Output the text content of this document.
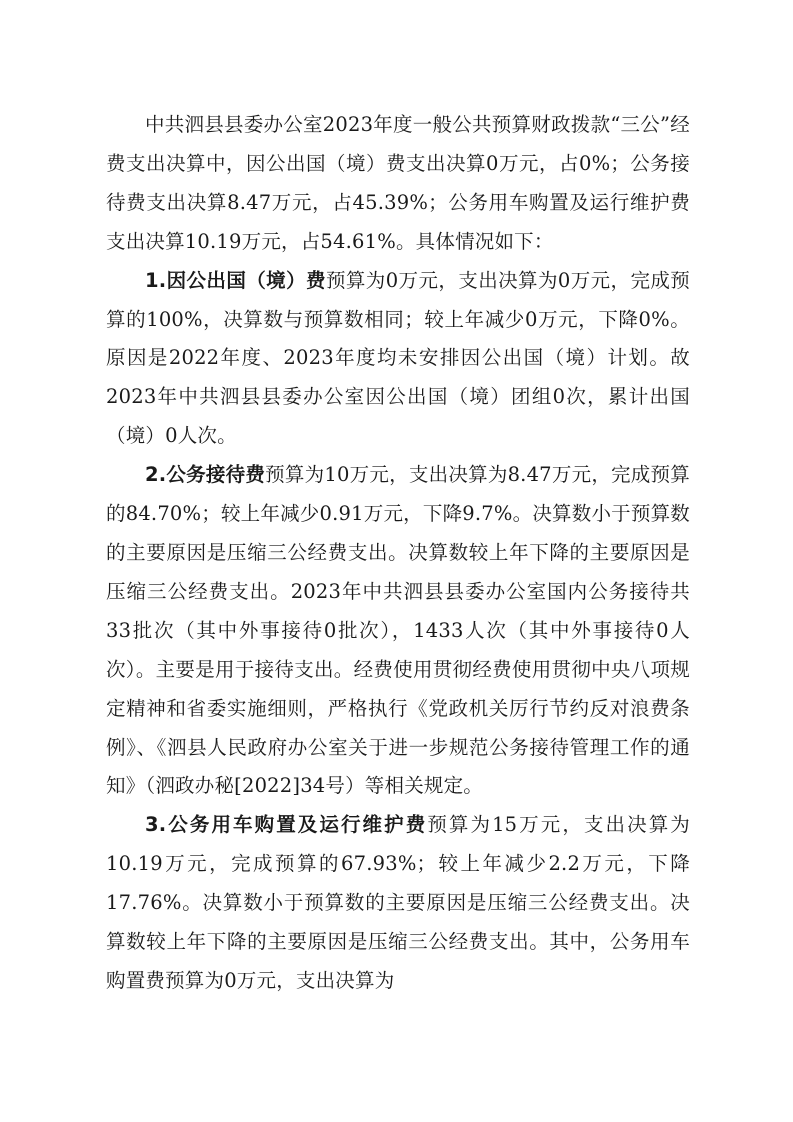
中共泗县县委办公室2023年度一般公共预算财政拨款“三公”经费支出决算中，因公出国（境）费支出决算0万元，占0%；公务接待费支出决算8.47万元，占45.39%；公务用车购置及运行维护费支出决算10.19万元，占54.61%。具体情况如下：

1.因公出国（境）费预算为0万元，支出决算为0万元，完成预算的100%，决算数与预算数相同；较上年减少0万元，下降0%。原因是2022年度、2023年度均未安排因公出国（境）计划。故2023年中共泗县县委办公室因公出国（境）团组0次，累计出国（境）0人次。

2.公务接待费预算为10万元，支出决算为8.47万元，完成预算的84.70%；较上年减少0.91万元，下降9.7%。决算数小于预算数的主要原因是压缩三公经费支出。决算数较上年下降的主要原因是压缩三公经费支出。2023年中共泗县县委办公室国内公务接待共33批次（其中外事接待0批次），1433人次（其中外事接待0人次）。主要是用于接待支出。经费使用贯彻经费使用贯彻中央八项规定精神和省委实施细则，严格执行《党政机关厉行节约反对浪费条例》、《泗县人民政府办公室关于进一步规范公务接待管理工作的通知》（泗政办秘[2022]34号）等相关规定。

3.公务用车购置及运行维护费预算为15万元，支出决算为10.19万元，完成预算的67.93%；较上年减少2.2万元，下降17.76%。决算数小于预算数的主要原因是压缩三公经费支出。决算数较上年下降的主要原因是压缩三公经费支出。其中，公务用车购置费预算为0万元，支出决算为
